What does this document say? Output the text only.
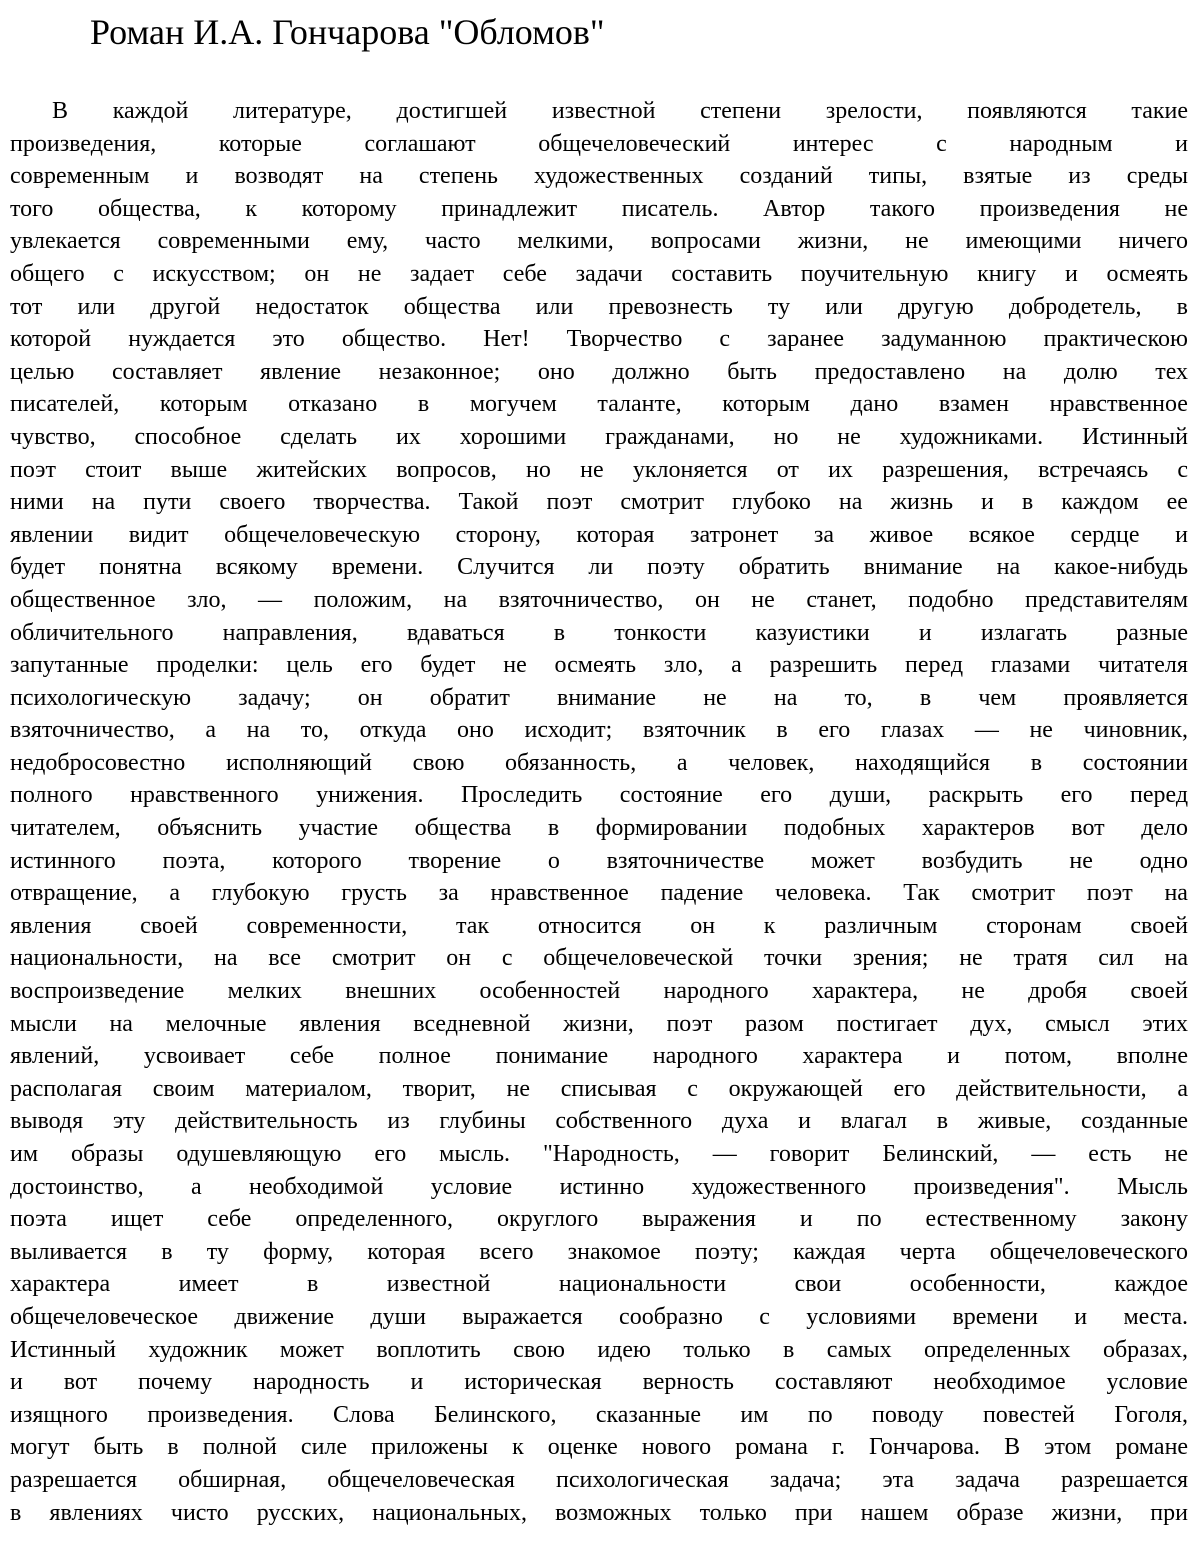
Роман И.А. Гончарова "Обломов"
В каждой литературе, достигшей известной степени зрелости, появляются такие
произведения, которые соглашают общечеловеческий интерес с народным и
современным и возводят на степень художественных созданий типы, взятые из среды
того общества, к которому принадлежит писатель. Автор такого произведения не
увлекается современными ему, часто мелкими, вопросами жизни, не имеющими ничего
общего с искусством; он не задает себе задачи составить поучительную книгу и осмеять
тот или другой недостаток общества или превознесть ту или другую добродетель, в
которой нуждается это общество. Нет! Творчество с заранее задуманною практическою
целью составляет явление незаконное; оно должно быть предоставлено на долю тех
писателей, которым отказано в могучем таланте, которым дано взамен нравственное
чувство, способное сделать их хорошими гражданами, но не художниками. Истинный
поэт стоит выше житейских вопросов, но не уклоняется от их разрешения, встречаясь с
ними на пути своего творчества. Такой поэт смотрит глубоко на жизнь и в каждом ее
явлении видит общечеловеческую сторону, которая затронет за живое всякое сердце и
будет понятна всякому времени. Случится ли поэту обратить внимание на какое-нибудь
общественное зло, — положим, на взяточничество, он не станет, подобно представителям
обличительного направления, вдаваться в тонкости казуистики и излагать разные
запутанные проделки: цель его будет не осмеять зло, а разрешить перед глазами читателя
психологическую задачу; он обратит внимание не на то, в чем проявляется
взяточничество, а на то, откуда оно исходит; взяточник в его глазах — не чиновник,
недобросовестно исполняющий свою обязанность, а человек, находящийся в состоянии
полного нравственного унижения. Проследить состояние его души, раскрыть его перед
читателем, объяснить участие общества в формировании подобных характеров вот дело
истинного поэта, которого творение о взяточничестве может возбудить не одно
отвращение, а глубокую грусть за нравственное падение человека. Так смотрит поэт на
явления своей современности, так относится он к различным сторонам своей
национальности, на все смотрит он с общечеловеческой точки зрения; не тратя сил на
воспроизведение мелких внешних особенностей народного характера, не дробя своей
мысли на мелочные явления вседневной жизни, поэт разом постигает дух, смысл этих
явлений, усвоивает себе полное понимание народного характера и потом, вполне
располагая своим материалом, творит, не списывая с окружающей его действительности, а
выводя эту действительность из глубины собственного духа и влагал в живые, созданные
им образы одушевляющую его мысль. "Народность, — говорит Белинский, — есть не
достоинство, а необходимой условие истинно художественного произведения". Мысль
поэта ищет себе определенного, округлого выражения и по естественному закону
выливается в ту форму, которая всего знакомое поэту; каждая черта общечеловеческого
характера имеет в известной национальности свои особенности, каждое
общечеловеческое движение души выражается сообразно с условиями времени и места.
Истинный художник может воплотить свою идею только в самых определенных образах,
и вот почему народность и историческая верность составляют необходимое условие
изящного произведения. Слова Белинского, сказанные им по поводу повестей Гоголя,
могут быть в полной силе приложены к оценке нового романа г. Гончарова. В этом романе
разрешается обширная, общечеловеческая психологическая задача; эта задача разрешается
в явлениях чисто русских, национальных, возможных только при нашем образе жизни, при
